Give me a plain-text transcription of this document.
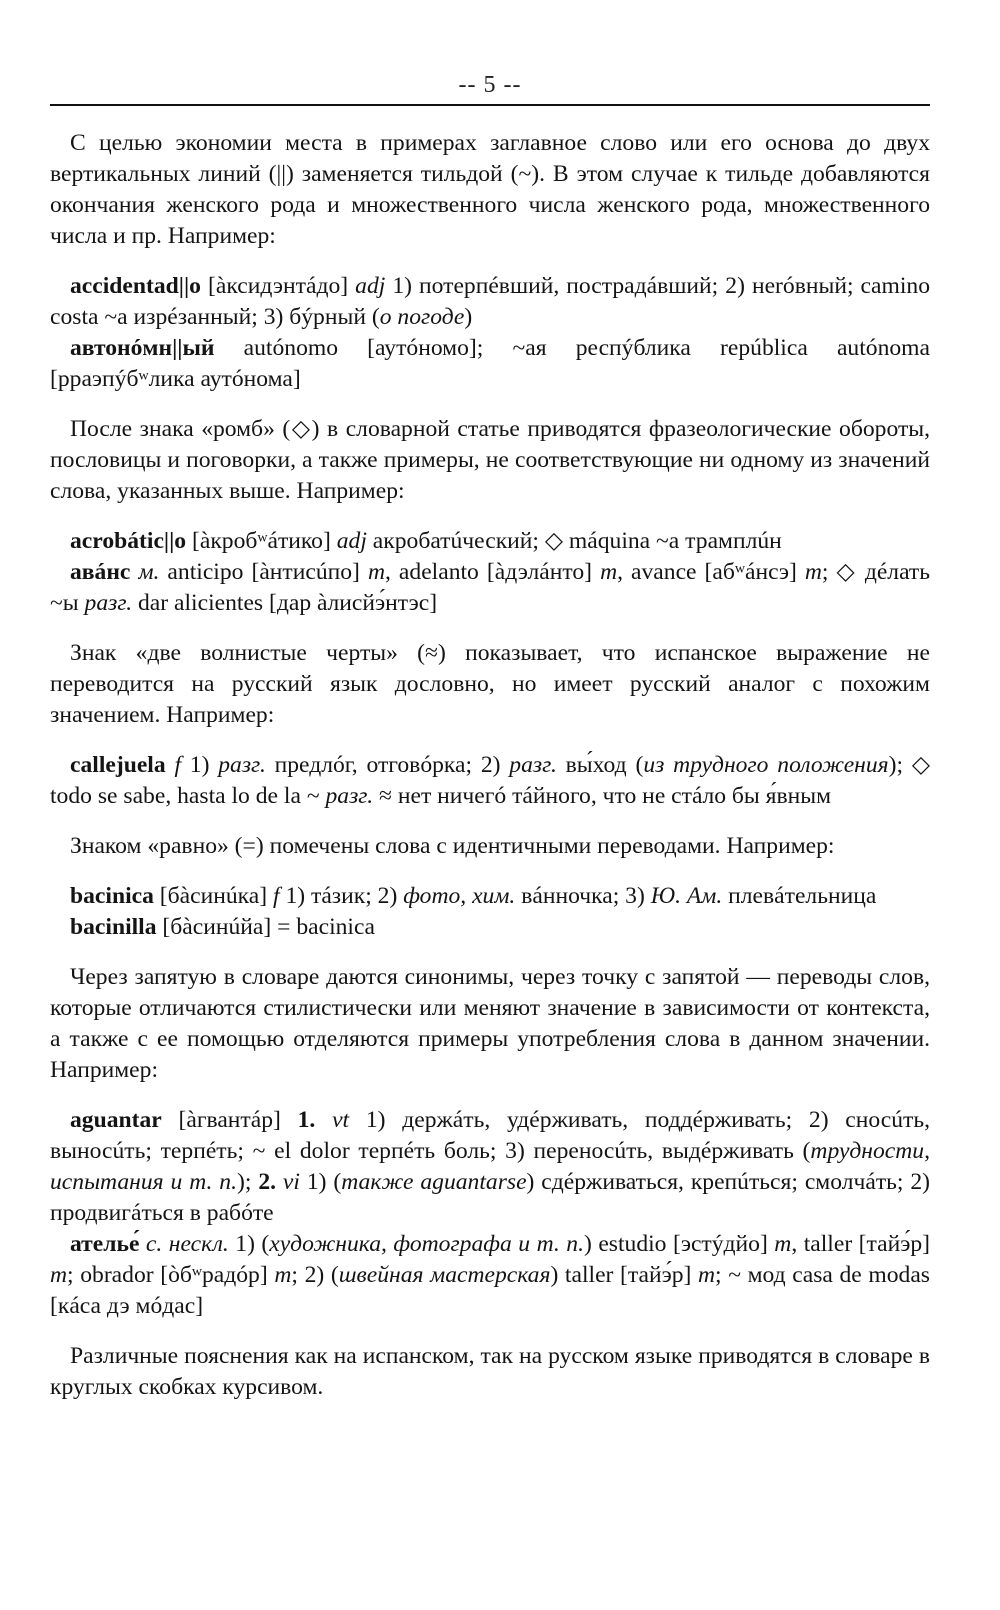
-- 5 --

С целью экономии места в примерах заглавное слово или его основа до двух вертикальных линий (||) заменяется тильдой (~). В этом случае к тильде добавляются окончания женского рода и множественного числа женского рода, множественного числа и пр. Например:

accidentad||o [àксидэнтáдо] adj 1) потерпéвший, пострадáвший; 2) неróвный; camino costa ~а изрéзанный; 3) бýрный (о погоде)

автонóмн||ый autónomo [аутóномо]; ~ая респýблика república autónoma [рраэпýбʷлика аутóнома]

После знака «ромб» (◇) в словарной статье приводятся фразеологические обороты, пословицы и поговорки, а также примеры, не соответствующие ни одному из значений слова, указанных выше. Например:

acrobátic||o [àкробʷáтико] adj акробатúческий; ◇ máquina ~а трамплúн

авáнс м. anticipo [àнтисúпо] m, adelanto [àдэлáнто] m, avance [абʷáнсэ] m; ◇ дéлать ~ы разг. dar alicientes [дар àлисйэ́нтэс]

Знак «две волнистые черты» (≈) показывает, что испанское выражение не переводится на русский язык дословно, но имеет русский аналог с похожим значением. Например:

callejuela f 1) разг. предлóг, отговóрка; 2) разг. вы́ход (из трудного положения); ◇ todo se sabe, hasta lo de la ~ разг. ≈ нет ничегó тáйного, что не стáло бы я́вным

Знаком «равно» (=) помечены слова с идентичными переводами. Например:

bacinica [бàсинúка] f 1) тáзик; 2) фото, хим. вáнночка; 3) Ю. Ам. плевáтельница

bacinilla [бàсинúйа] = bacinica

Через запятую в словаре даются синонимы, через точку с запятой — переводы слов, которые отличаются стилистически или меняют значение в зависимости от контекста, а также с ее помощью отделяются примеры употребления слова в данном значении. Например:

aguantar [àгвантáр] 1. vt 1) держáть, удéрживать, поддéрживать; 2) сносúть, выносúть; терпéть; ~ el dolor терпéть боль; 3) переносúть, выдéрживать (трудности, испытания и т. п.); 2. vi 1) (также aguantarse) сдéрживаться, крепúться; смолчáть; 2) продвигáться в рабóте

ателье́ с. нескл. 1) (художника, фотографа и т. п.) estudio [эстýдйо] m, taller [тайэ́р] m; obrador [òбʷрадóр] m; 2) (швейная мастерская) taller [тайэ́р] m; ~ мод casa de modas [кáса дэ мóдас]

Различные пояснения как на испанском, так на русском языке приводятся в словаре в круглых скобках курсивом.
